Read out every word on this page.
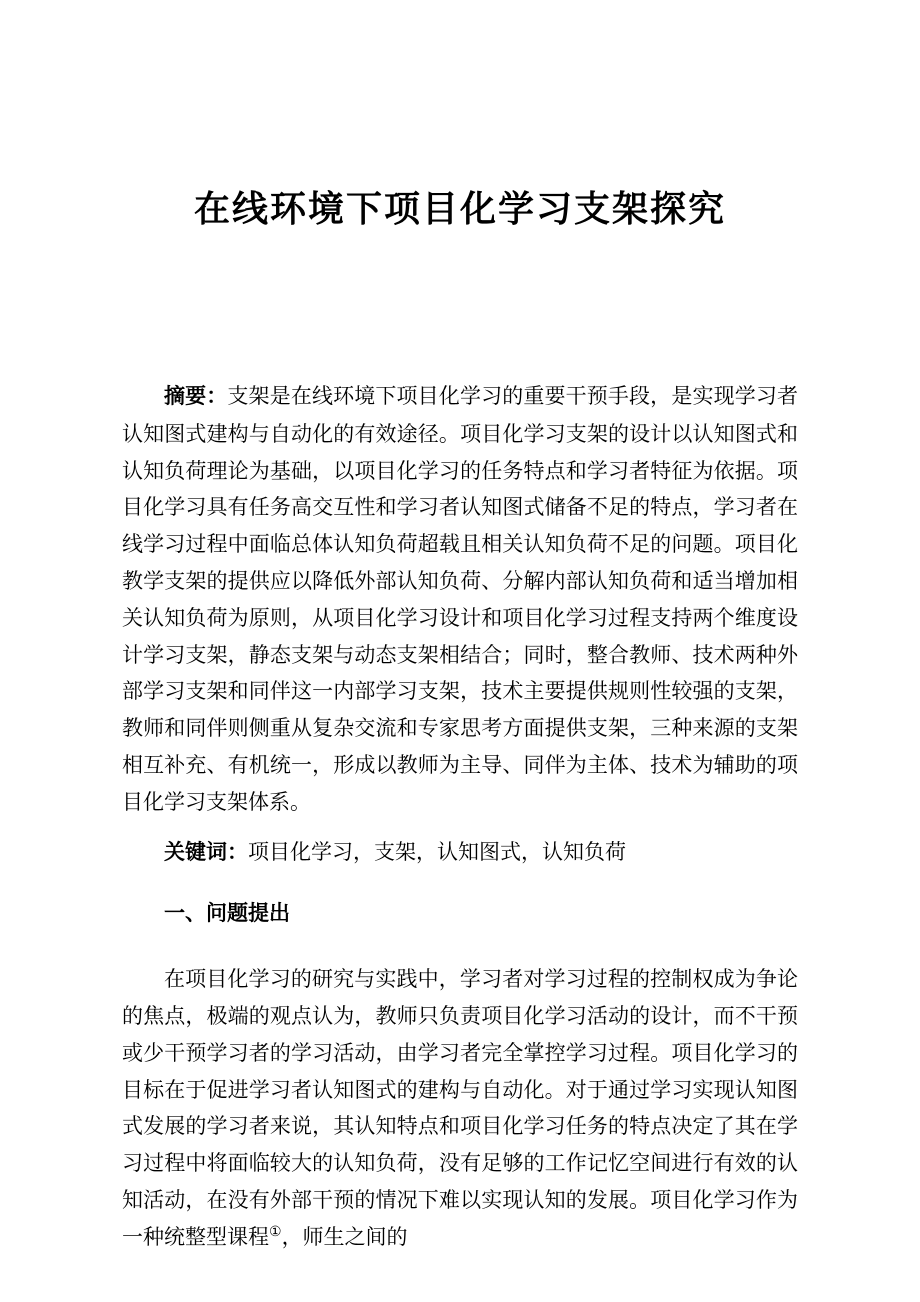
在线环境下项目化学习支架探究

摘要：支架是在线环境下项目化学习的重要干预手段，是实现学习者认知图式建构与自动化的有效途径。项目化学习支架的设计以认知图式和认知负荷理论为基础，以项目化学习的任务特点和学习者特征为依据。项目化学习具有任务高交互性和学习者认知图式储备不足的特点，学习者在线学习过程中面临总体认知负荷超载且相关认知负荷不足的问题。项目化教学支架的提供应以降低外部认知负荷、分解内部认知负荷和适当增加相关认知负荷为原则，从项目化学习设计和项目化学习过程支持两个维度设计学习支架，静态支架与动态支架相结合；同时，整合教师、技术两种外部学习支架和同伴这一内部学习支架，技术主要提供规则性较强的支架，教师和同伴则侧重从复杂交流和专家思考方面提供支架，三种来源的支架相互补充、有机统一，形成以教师为主导、同伴为主体、技术为辅助的项目化学习支架体系。

关键词：项目化学习，支架，认知图式，认知负荷

一、问题提出

在项目化学习的研究与实践中，学习者对学习过程的控制权成为争论的焦点，极端的观点认为，教师只负责项目化学习活动的设计，而不干预或少干预学习者的学习活动，由学习者完全掌控学习过程。项目化学习的目标在于促进学习者认知图式的建构与自动化。对于通过学习实现认知图式发展的学习者来说，其认知特点和项目化学习任务的特点决定了其在学习过程中将面临较大的认知负荷，没有足够的工作记忆空间进行有效的认知活动，在没有外部干预的情况下难以实现认知的发展。项目化学习作为一种统整型课程①，师生之间的
